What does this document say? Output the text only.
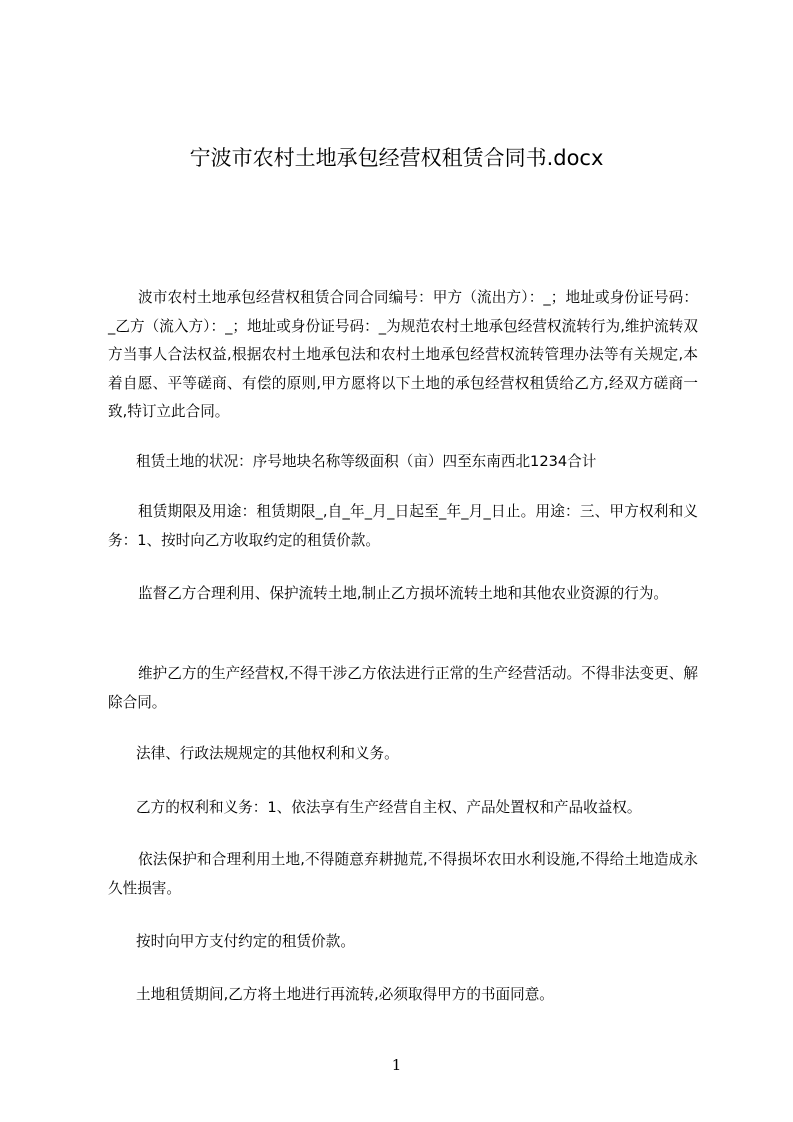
宁波市农村土地承包经营权租赁合同书.docx

波市农村土地承包经营权租赁合同合同编号：甲方（流出方）：_；地址或身份证号码：_乙方（流入方）：_；地址或身份证号码：_为规范农村土地承包经营权流转行为,维护流转双方当事人合法权益,根据农村土地承包法和农村土地承包经营权流转管理办法等有关规定,本着自愿、平等磋商、有偿的原则,甲方愿将以下土地的承包经营权租赁给乙方,经双方磋商一致,特订立此合同。

租赁土地的状况：序号地块名称等级面积（亩）四至东南西北1234合计

租赁期限及用途：租赁期限_,自_年_月_日起至_年_月_日止。用途：三、甲方权利和义务：1、按时向乙方收取约定的租赁价款。

监督乙方合理利用、保护流转土地,制止乙方损坏流转土地和其他农业资源的行为。

维护乙方的生产经营权,不得干涉乙方依法进行正常的生产经营活动。不得非法变更、解除合同。

法律、行政法规规定的其他权利和义务。

乙方的权利和义务：1、依法享有生产经营自主权、产品处置权和产品收益权。

依法保护和合理利用土地,不得随意弃耕抛荒,不得损坏农田水利设施,不得给土地造成永久性损害。

按时向甲方支付约定的租赁价款。

土地租赁期间,乙方将土地进行再流转,必须取得甲方的书面同意。

1
